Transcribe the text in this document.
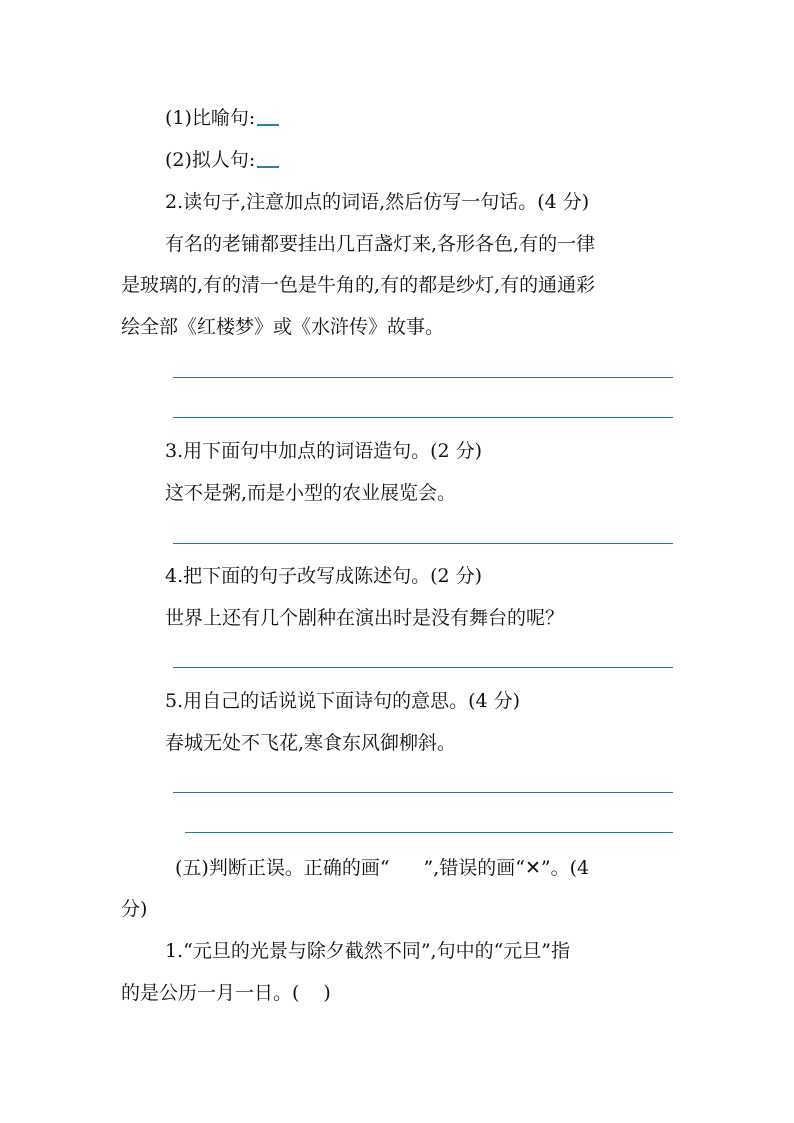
(1)比喻句:
(2)拟人句:
2.读句子,注意加点的词语,然后仿写一句话。(4 分)
有名的老铺都要挂出几百盏灯来,各形各色,有的一律
是玻璃的,有的清一色是牛角的,有的都是纱灯,有的通通彩
绘全部《红楼梦》或《水浒传》故事。
3.用下面句中加点的词语造句。(2 分)
这不是粥,而是小型的农业展览会。
4.把下面的句子改写成陈述句。(2 分)
世界上还有几个剧种在演出时是没有舞台的呢？
5.用自己的话说说下面诗句的意思。(4 分)
春城无处不飞花,寒食东风御柳斜。
(五)判断正误。正确的画“ ”,错误的画“✕”。(4
分)
1.“元旦的光景与除夕截然不同”,句中的“元旦”指
的是公历一月一日。( )
